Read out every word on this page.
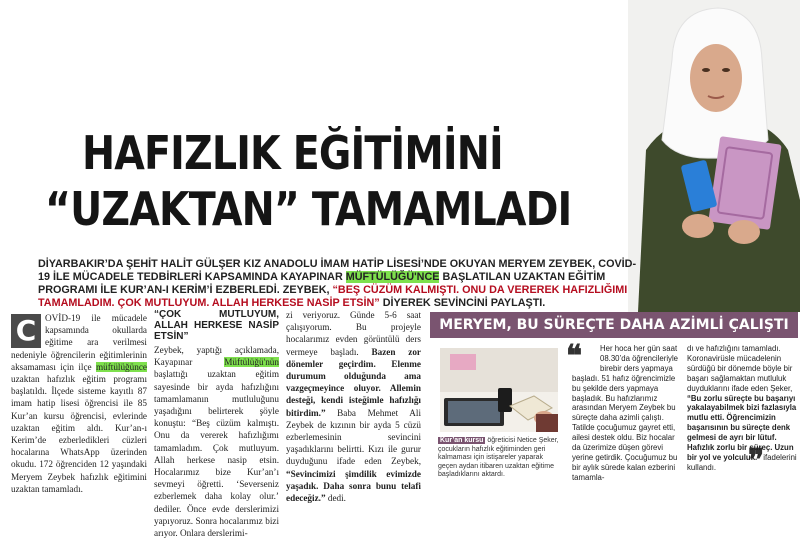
HAFIZLIK EĞİTİMİNİ
“UZAKTAN” TAMAMLADI
DİYARBAKIR’DA ŞEHİT HALİT GÜLŞER KIZ ANADOLU İMAM HATİP LİSESİ’NDE OKUYAN MERYEM ZEYBEK, COVİD-19 İLE MÜCADELE TEDBİRLERİ KAPSAMINDA KAYAPINAR MÜFTÜLÜĞÜ'NCE BAŞLATILAN UZAKTAN EĞİTİM PROGRAMI İLE KUR’AN-I KERİM’İ EZBERLEDİ. ZEYBEK, “BEŞ CÜZÜM KALMIŞTI. ONU DA VEREREK HAFIZLIĞIMI TAMAMLADIM. ÇOK MUTLUYUM. ALLAH HERKESE NASİP ETSİN” DİYEREK SEVİNCİNİ PAYLAŞTI.
C OVİD-19 ile mücadele kapsamında okullarda eğitime ara verilmesi nedeniyle öğrencilerin eğitimlerinin aksamaması için ilçe müftülüğünce uzaktan hafızlık eğitim programı başlatıldı. İlçede sisteme kayıtlı 87 imam hatip lisesi öğrencisi ile 85 Kur’an kursu öğrencisi, evlerinde uzaktan eğitim aldı. Kur’an-ı Kerim’de ezberledikleri cüzleri hocalarına WhatsApp üzerinden okudu. 172 öğrenciden 12 yaşındaki Meryem Zeybek hafızlık eğitimini uzaktan tamamladı.
“ÇOK MUTLUYUM, ALLAH HERKESE NASİP ETSİN”
Zeybek, yaptığı açıklamada, Kayapınar Müftülüğü'nün başlattığı uzaktan eğitim sayesinde bir ayda hafızlığını tamamlamanın mutluluğunu yaşadığını belirterek şöyle konuştu: “Beş cüzüm kalmıştı. Onu da vererek hafızlığımı tamamladım. Çok mutluyum. Allah herkese nasip etsin. Hocalarımız bize Kur’an’ı sevmeyi öğretti. ‘Severseniz ezberlemek daha kolay olur.’ dediler. Önce evde derslerimizi yapıyoruz. Sonra hocalarımız bizi arıyor. Onlara derslerimi-
zi veriyoruz. Günde 5-6 saat çalışıyorum. Bu projeyle hocalarımız evden görüntülü ders vermeye başladı. Bazen zor dönemler geçirdim. Elenme durumum olduğunda ama vazgeçmeyince oluyor. Allemin desteği, kendi isteğimle hafızlığı bitirdim.” Baba Mehmet Ali Zeybek de kızının bir ayda 5 cüzü ezberlemesinin sevincini yaşadıklarını belirtti. Kızı ile gurur duyduğunu ifade eden Zeybek, “Sevincimizi şimdilik evimizde yaşadık. Daha sonra bunu telafi edeceğiz.” dedi.
MERYEM, BU SÜREÇTE DAHA AZİMLİ ÇALIŞTI
Kur’an kursu öğreticisi Netice Şeker, çocukların hafızlık eğitiminden geri kalmaması için istişareler yaparak geçen aydan itibaren uzaktan eğitime başladıklarını aktardı.
❝
❞
Her hoca her gün saat 08.30’da öğrencileriyle birebir ders yapmaya başladı. 51 hafız öğrencimizle bu şekilde ders yapmaya başladık. Bu hafızlarımız arasından Meryem Zeybek bu süreçte daha azimli çalıştı. Tatilde çocuğumuz gayret etti, ailesi destek oldu. Biz hocalar da üzerimize düşen görevi yerine getirdik. Çocuğumuz bu bir aylık sürede kalan ezberini tamamla-
dı ve hafızlığını tamamladı. Koronavirüsle mücadelenin sürdüğü bir dönemde böyle bir başarı sağlamaktan mutluluk duyduklarını ifade eden Şeker, “Bu zorlu süreçte bu başarıyı yakalayabilmek bizi fazlasıyla mutlu etti. Öğrencimizin başarısının bu süreçte denk gelmesi de ayrı bir lütuf. Hafızlık zorlu bir süreç. Uzun bir yol ve yolculuk.” ifadelerini kullandı.
